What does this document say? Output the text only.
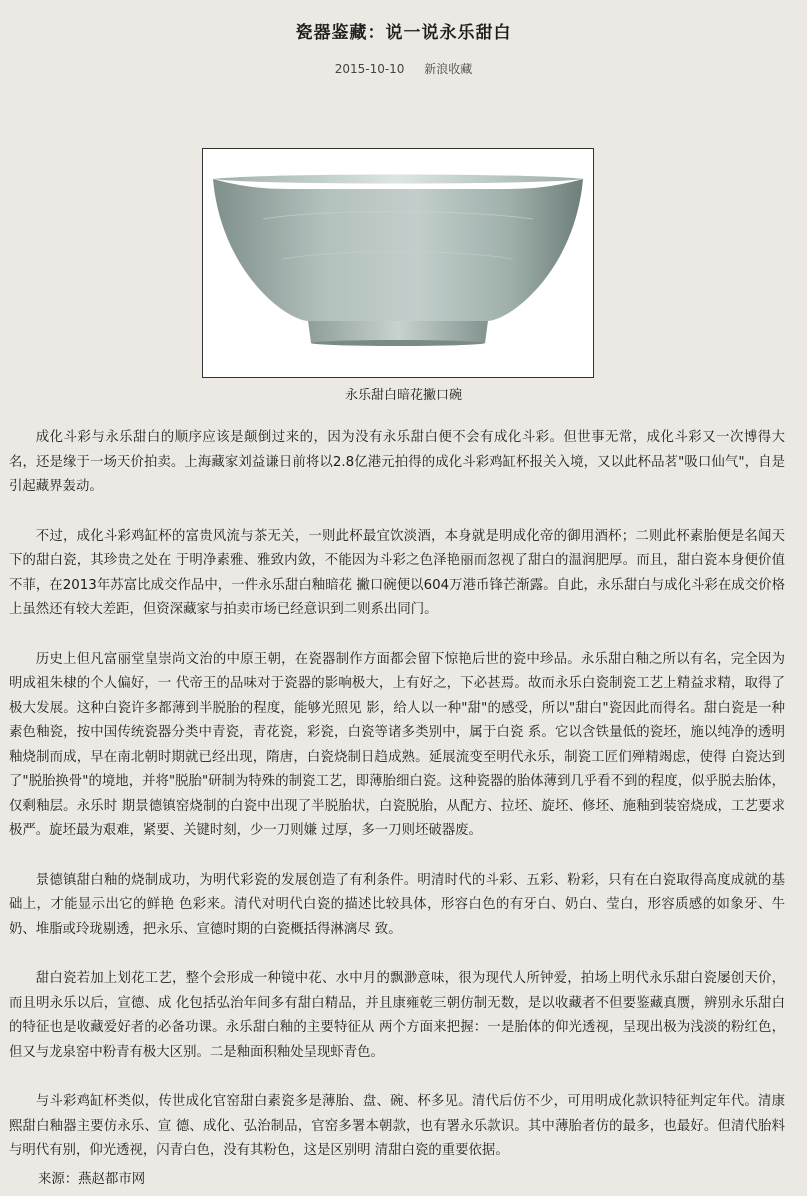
瓷器鉴藏：说一说永乐甜白
2015-10-10 新浪收藏
永乐甜白暗花撇口碗

成化斗彩与永乐甜白的顺序应该是颠倒过来的，因为没有永乐甜白便不会有成化斗彩。但世事无常，成化斗彩又一次博得大名，还是缘于一场天价拍卖。上海藏家刘益谦日前将以2.8亿港元拍得的成化斗彩鸡缸杯报关入境，又以此杯品茗"吸口仙气"，自是引起藏界轰动。

不过，成化斗彩鸡缸杯的富贵风流与茶无关，一则此杯最宜饮淡酒，本身就是明成化帝的御用酒杯；二则此杯素胎便是名闻天下的甜白瓷，其珍贵之处在 于明净素雅、雅致内敛，不能因为斗彩之色泽艳丽而忽视了甜白的温润肥厚。而且，甜白瓷本身便价值不菲，在2013年苏富比成交作品中，一件永乐甜白釉暗花 撇口碗便以604万港币锋芒渐露。自此，永乐甜白与成化斗彩在成交价格上虽然还有较大差距，但资深藏家与拍卖市场已经意识到二则系出同门。

历史上但凡富丽堂皇崇尚文治的中原王朝，在瓷器制作方面都会留下惊艳后世的瓷中珍品。永乐甜白釉之所以有名，完全因为明成祖朱棣的个人偏好，一 代帝王的品味对于瓷器的影响极大，上有好之，下必甚焉。故而永乐白瓷制瓷工艺上精益求精，取得了极大发展。这种白瓷许多都薄到半脱胎的程度，能够光照见 影，给人以一种"甜"的感受，所以"甜白"瓷因此而得名。甜白瓷是一种素色釉瓷，按中国传统瓷器分类中青瓷，青花瓷，彩瓷，白瓷等诸多类别中，属于白瓷 系。它以含铁量低的瓷坯，施以纯净的透明釉烧制而成，早在南北朝时期就已经出现，隋唐，白瓷烧制日趋成熟。延展流变至明代永乐，制瓷工匠们殚精竭虑，使得 白瓷达到了"脱胎换骨"的境地，并将"脱胎"研制为特殊的制瓷工艺，即薄胎细白瓷。这种瓷器的胎体薄到几乎看不到的程度，似乎脱去胎体，仅剩釉层。永乐时 期景德镇窑烧制的白瓷中出现了半脱胎状，白瓷脱胎，从配方、拉坯、旋坯、修坯、施釉到装窑烧成，工艺要求极严。旋坯最为艰难，紧要、关键时刻，少一刀则嫌 过厚，多一刀则坯破器废。

景德镇甜白釉的烧制成功，为明代彩瓷的发展创造了有利条件。明清时代的斗彩、五彩、粉彩，只有在白瓷取得高度成就的基础上，才能显示出它的鲜艳 色彩来。清代对明代白瓷的描述比较具体，形容白色的有牙白、奶白、莹白，形容质感的如象牙、牛奶、堆脂或玲珑剔透，把永乐、宣德时期的白瓷概括得淋漓尽 致。

甜白瓷若加上划花工艺，整个会形成一种镜中花、水中月的飘渺意味，很为现代人所钟爱，拍场上明代永乐甜白瓷屡创天价，而且明永乐以后，宣德、成 化包括弘治年间多有甜白精品，并且康雍乾三朝仿制无数，是以收藏者不但要鉴藏真赝，辨别永乐甜白的特征也是收藏爱好者的必备功课。永乐甜白釉的主要特征从 两个方面来把握：一是胎体的仰光透视，呈现出极为浅淡的粉红色，但又与龙泉窑中粉青有极大区别。二是釉面积釉处呈现虾青色。

与斗彩鸡缸杯类似，传世成化官窑甜白素瓷多是薄胎、盘、碗、杯多见。清代后仿不少，可用明成化款识特征判定年代。清康熙甜白釉器主要仿永乐、宣 德、成化、弘治制品，官窑多署本朝款，也有署永乐款识。其中薄胎者仿的最多，也最好。但清代胎料与明代有别，仰光透视，闪青白色，没有其粉色，这是区别明 清甜白瓷的重要依据。

来源：燕赵都市网
